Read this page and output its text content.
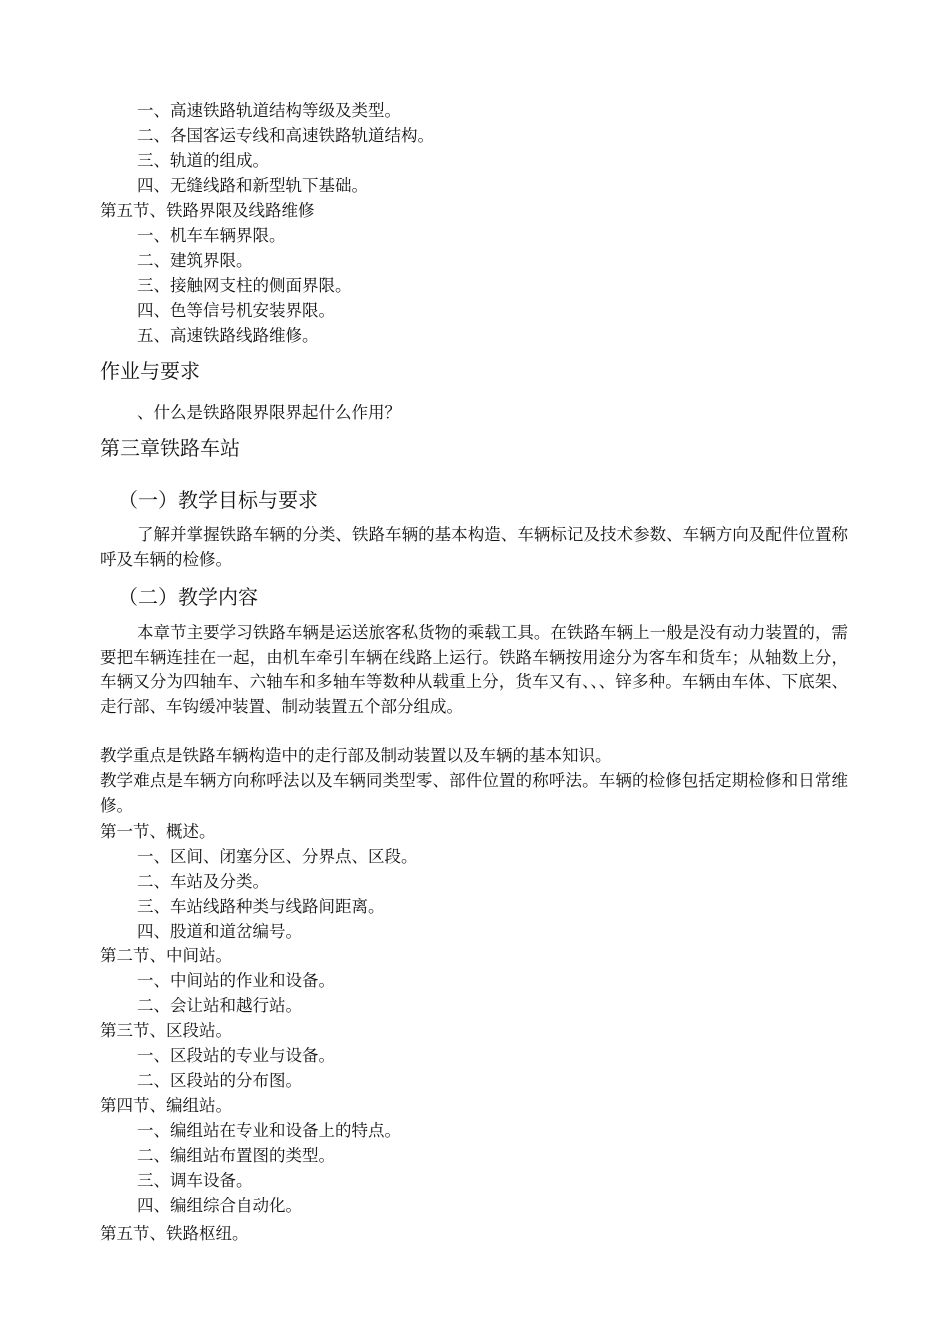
一、高速铁路轨道结构等级及类型。
二、各国客运专线和高速铁路轨道结构。
三、轨道的组成。
四、无缝线路和新型轨下基础。
第五节、铁路界限及线路维修
一、机车车辆界限。
二、建筑界限。
三、接触网支柱的侧面界限。
四、色等信号机安装界限。
五、高速铁路线路维修。
作业与要求
、什么是铁路限界限界起什么作用？
第三章铁路车站
（一）教学目标与要求
了解并掌握铁路车辆的分类、铁路车辆的基本构造、车辆标记及技术参数、车辆方向及配件位置称呼及车辆的检修。
（二）教学内容
本章节主要学习铁路车辆是运送旅客私货物的乘载工具。在铁路车辆上一般是没有动力装置的，需要把车辆连挂在一起，由机车牵引车辆在线路上运行。铁路车辆按用途分为客车和货车；从轴数上分，车辆又分为四轴车、六轴车和多轴车等数种从载重上分，货车又有、、、锌多种。车辆由车体、下底架、走行部、车钩缓冲装置、制动装置五个部分组成。
教学重点是铁路车辆构造中的走行部及制动装置以及车辆的基本知识。
教学难点是车辆方向称呼法以及车辆同类型零、部件位置的称呼法。车辆的检修包括定期检修和日常维修。
第一节、概述。
一、区间、闭塞分区、分界点、区段。
二、车站及分类。
三、车站线路种类与线路间距离。
四、股道和道岔编号。
第二节、中间站。
一、中间站的作业和设备。
二、会让站和越行站。
第三节、区段站。
一、区段站的专业与设备。
二、区段站的分布图。
第四节、编组站。
一、编组站在专业和设备上的特点。
二、编组站布置图的类型。
三、调车设备。
四、编组综合自动化。
第五节、铁路枢纽。
